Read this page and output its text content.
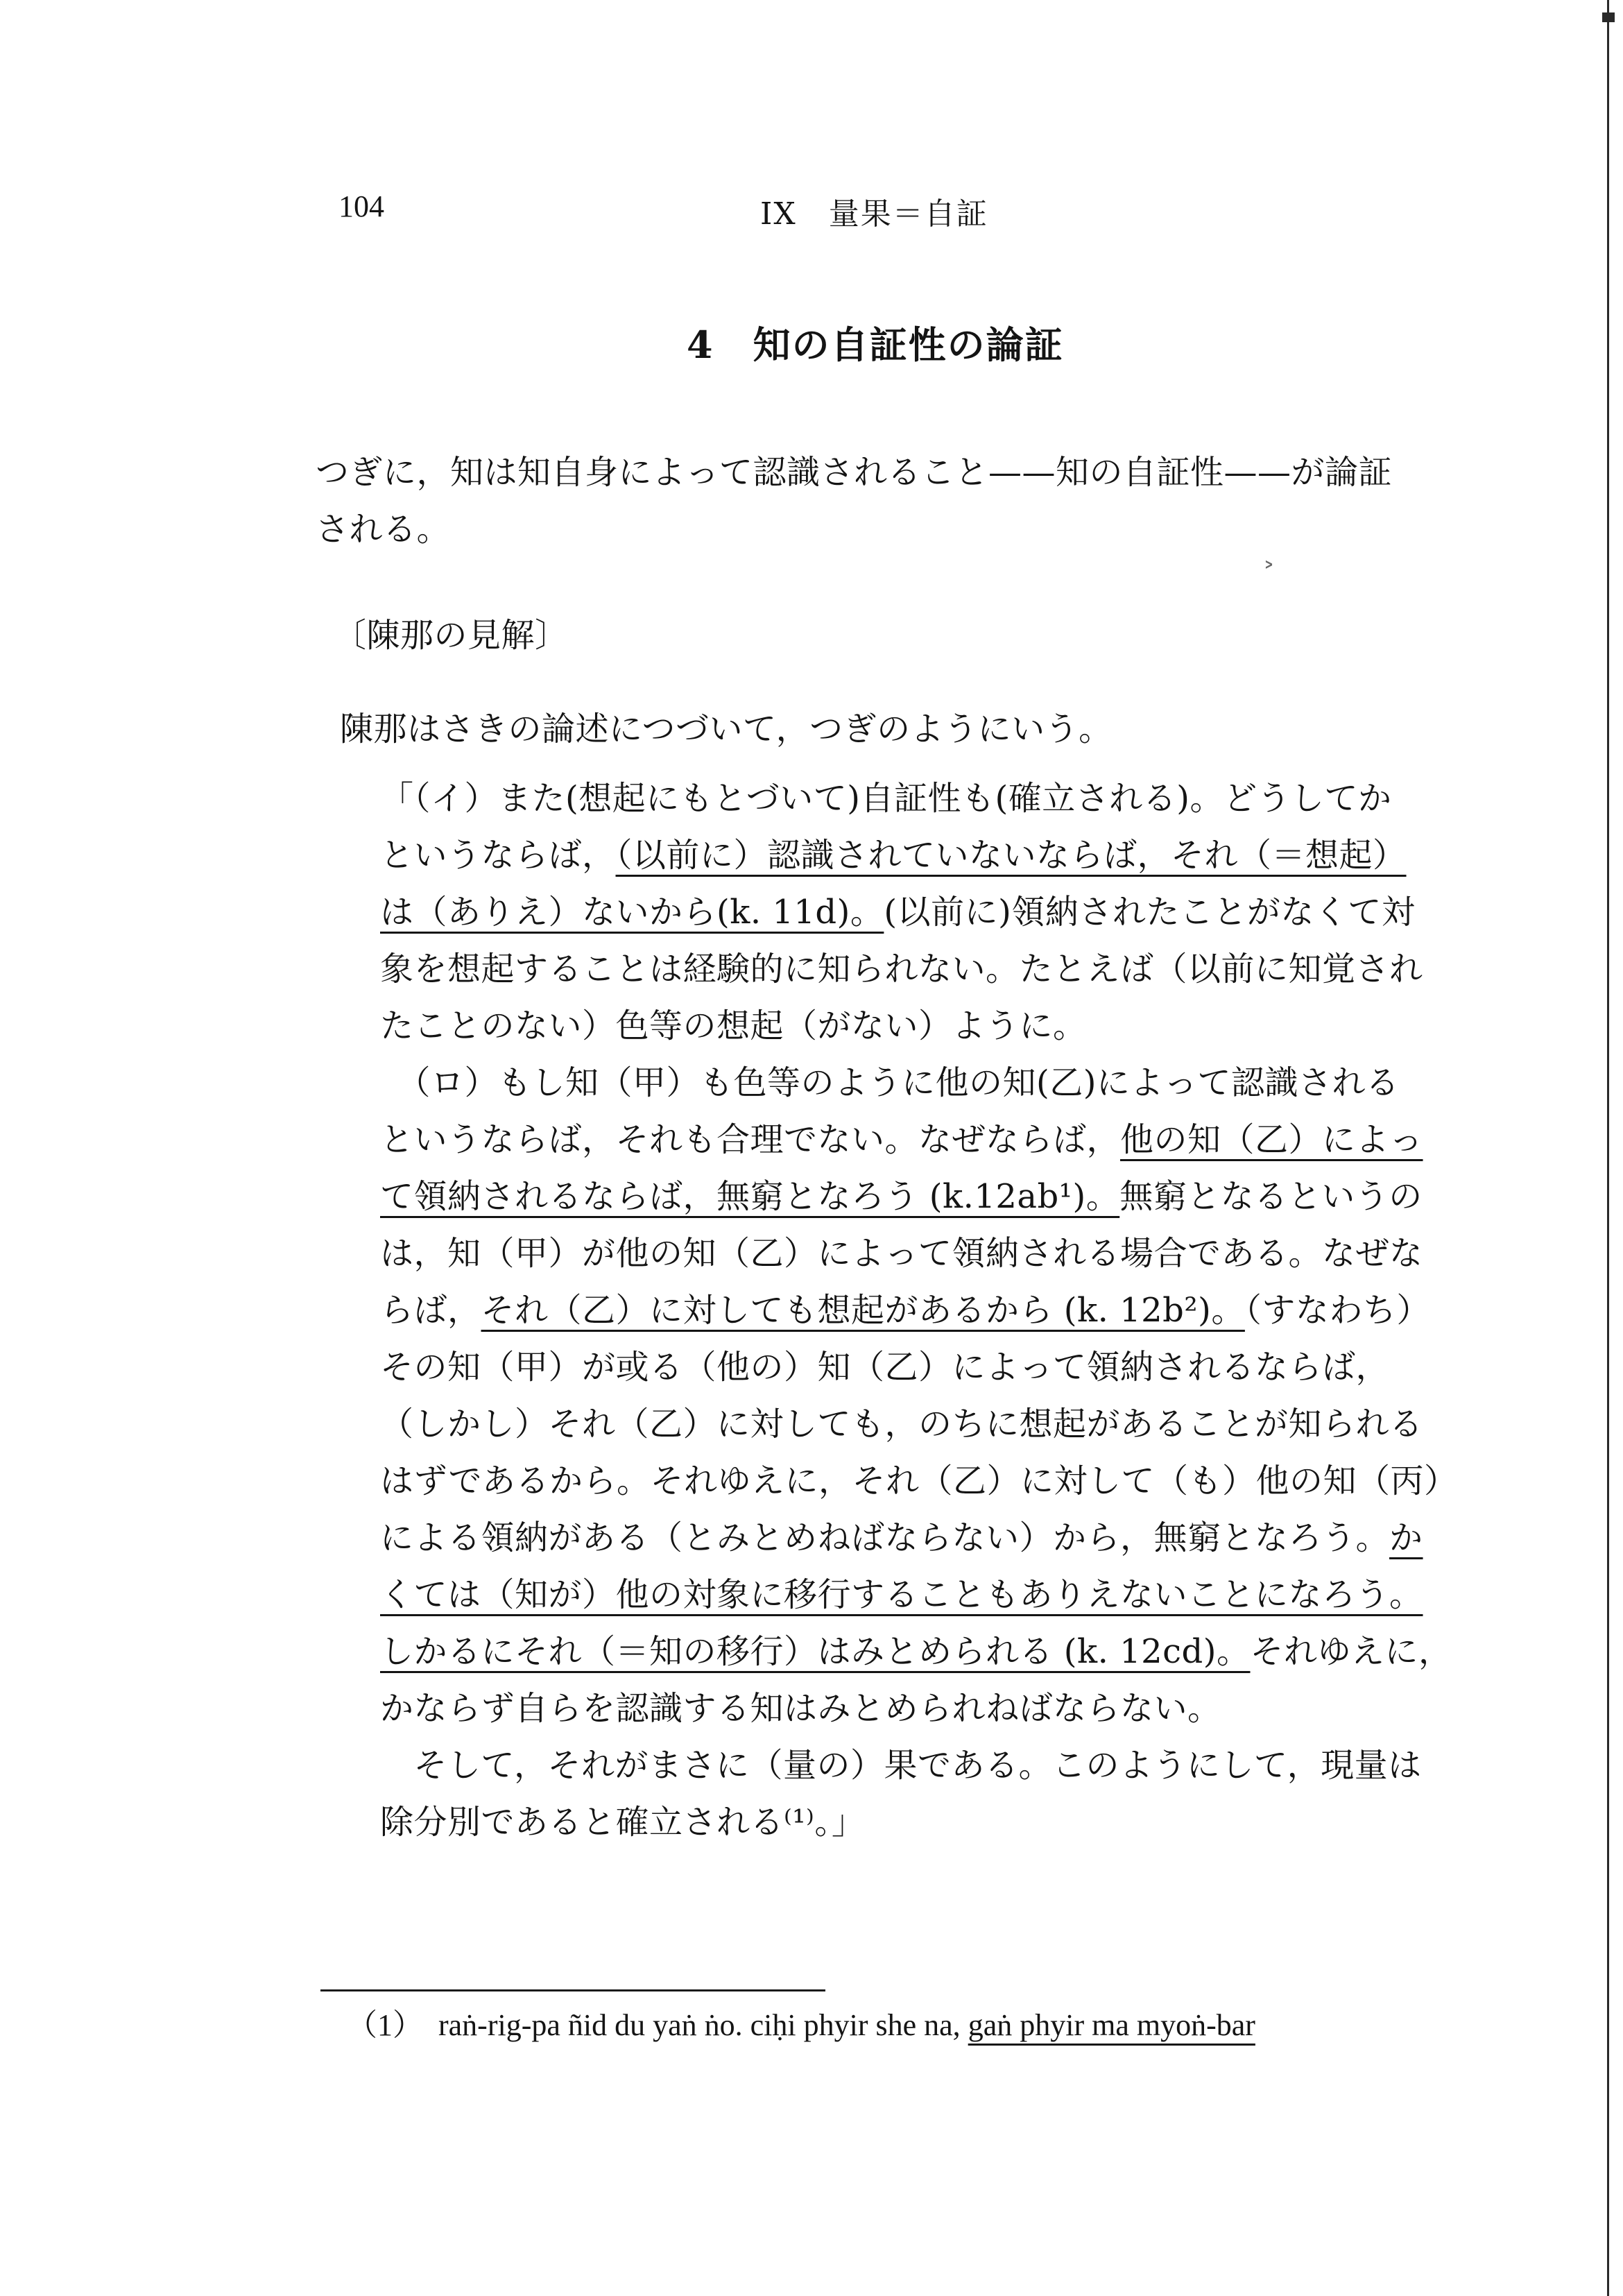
104	IX　量果＝自証
4　知の自証性の論証
つぎに，知は知自身によって認識されること——知の自証性——が論証
される。
˃
〔陳那の見解〕
陳那はさきの論述につづいて，つぎのようにいう。
「（イ）また(想起にもとづいて)自証性も(確立される)。どうしてか
というならば，（以前に）認識されていないならば，それ（＝想起）
は（ありえ）ないから(k. 11d)。(以前に)領納されたことがなくて対
象を想起することは経験的に知られない。たとえば（以前に知覚され
たことのない）色等の想起（がない）ように。
　（ロ）もし知（甲）も色等のように他の知(乙)によって認識される
というならば，それも合理でない。なぜならば，他の知（乙）によっ
て領納されるならば，無窮となろう (k.12ab¹)。無窮となるというの
は，知（甲）が他の知（乙）によって領納される場合である。なぜな
らば，それ（乙）に対しても想起があるから (k. 12b²)。（すなわち）
その知（甲）が或る（他の）知（乙）によって領納されるならば，
（しかし）それ（乙）に対しても，のちに想起があることが知られる
はずであるから。それゆえに，それ（乙）に対して（も）他の知（丙）
による領納がある（とみとめねばならない）から，無窮となろう。か
くては（知が）他の対象に移行することもありえないことになろう。
しかるにそれ（＝知の移行）はみとめられる (k. 12cd)。それゆえに，
かならず自らを認識する知はみとめられねばならない。
　そして，それがまさに（量の）果である。このようにして，現量は
除分別であると確立される⁽¹⁾。」
（1）　raṅ-rig-pa ñid du yaṅ ṅo. ciḥi phyir she na, gaṅ phyir ma myoṅ-bar
